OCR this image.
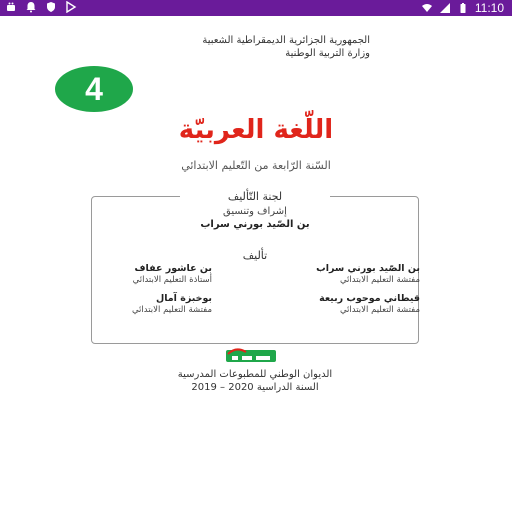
11:10
الجمهورية الجزائرية الديمقراطية الشعبية
وزارة التربية الوطنية
4
اللّغة العربيّة
السّنة الرّابعة من التّعليم الابتدائي
لجنة التّأليف
إشراف وتنسيق
بن الصّيد بورني سراب
تأليف
بن الصّيد بورني سراب
مفتشة التعليم الابتدائي
بن عاشور عفاف
أستاذة التعليم الابتدائي
قيطاني موحوب ربيعة
مفتشة التعليم الابتدائي
بوخبزة آمال
مفتشة التعليم الابتدائي
الديوان الوطني للمطبوعات المدرسية
السنة الدراسية 2020 – 2019
